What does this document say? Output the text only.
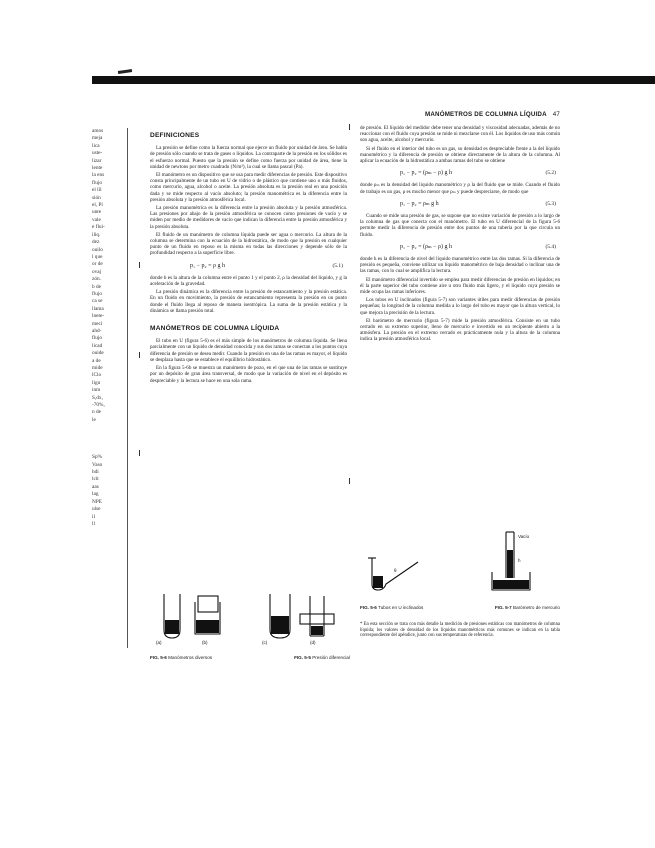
MANÓMETROS DE COLUMNA LÍQUIDA 47
amos
meja
lica
uste-
lizar
lente
la ens
flujo
el líl
sión
el, Pi
unte
vale
e flui-
iliq.
dez
ouilo
l que
or de
ovaj
zón.
b de
flujo
ca se
llama
lnete-
meci
ahd-
flujo
licad
ouide
a de
mide
lClo
ligu
inm
S,dx,
-70%,
n de
le
Sp%
Vaso
hdi
lcit
aas
lag
NPE
ulse
il
ll
DEFINICIONES

La presión se define como la fuerza normal que ejerce un fluido por unidad de área. Se habla de presión sólo cuando se trata de gases o líquidos. La contraparte de la presión en los sólidos es el esfuerzo normal. Puesto que la presión se define como fuerza por unidad de área, tiene la unidad de newtons por metro cuadrado (N/m²), la cual se llama pascal (Pa).

El manómetro es un dispositivo que se usa para medir diferencias de presión. Este dispositivo consta principalmente de un tubo en U de vidrio o de plástico que contiene uno o más fluidos, como mercurio, agua, alcohol o aceite. La presión absoluta es la presión real en una posición dada y se mide respecto al vacío absoluto; la presión manométrica es la diferencia entre la presión absoluta y la presión atmosférica local.

La presión manométrica es la diferencia entre la presión absoluta y la presión atmosférica. Las presiones por abajo de la presión atmosférica se conocen como presiones de vacío y se miden por medio de medidores de vacío que indican la diferencia entre la presión atmosférica y la presión absoluta.

El fluido de un manómetro de columna líquida puede ser agua o mercurio. La altura de la columna se determina con la ecuación de la hidrostática, de modo que la presión en cualquier punto de un fluido en reposo es la misma en todas las direcciones y depende sólo de la profundidad respecto a la superficie libre.

p₁ − p₂ = ρ g h	(5.1)

donde h es la altura de la columna entre el punto 1 y el punto 2, ρ la densidad del líquido, y g la aceleración de la gravedad.

La presión dinámica es la diferencia entre la presión de estancamiento y la presión estática. En un fluido en movimiento, la presión de estancamiento representa la presión en un punto donde el fluido llega al reposo de manera isentrópica. La suma de la presión estática y la dinámica se llama presión total.

MANÓMETROS DE COLUMNA LÍQUIDA

El tubo en U (figura 5-6) es el más simple de los manómetros de columna líquida. Se llena parcialmente con un líquido de densidad conocida y sus dos ramas se conectan a los puntos cuya diferencia de presión se desea medir. Cuando la presión en una de las ramas es mayor, el líquido se desplaza hasta que se establece el equilibrio hidrostático.

En la figura 5-6b se muestra un manómetro de pozo, en el que una de las ramas se sustituye por un depósito de gran área transversal, de modo que la variación de nivel en el depósito es despreciable y la lectura se hace en una sola rama.

(a)	(b)	(c)	(d)
FIG. 5-6 Manómetros diversos	FIG. 5-5 Presión diferencial

de presión. El líquido del medidor debe tener una densidad y viscosidad adecuadas, además de no reaccionar con el fluido cuya presión se mide ni mezclarse con él. Los líquidos de uso más común son agua, aceite, alcohol y mercurio.

Si el fluido en el interior del tubo es un gas, su densidad es despreciable frente a la del líquido manométrico y la diferencia de presión se obtiene directamente de la altura de la columna. Al aplicar la ecuación de la hidrostática a ambas ramas del tubo se obtiene

p₁ − p₂ = (ρₘ − ρ) g h	(5.2)

donde ρₘ es la densidad del líquido manométrico y ρ la del fluido que se mide. Cuando el fluido de trabajo es un gas, ρ es mucho menor que ρₘ y puede despreciarse, de modo que

p₁ − p₂ = ρₘ g h	(5.3)

Cuando se mide una presión de gas, se supone que no existe variación de presión a lo largo de la columna de gas que conecta con el manómetro. El tubo en U diferencial de la figura 5-6 permite medir la diferencia de presión entre dos puntos de una tubería por la que circula un fluido.

p₁ − p₂ = (ρₘ − ρ) g h	(5.4)

donde h es la diferencia de nivel del líquido manométrico entre las dos ramas. Si la diferencia de presión es pequeña, conviene utilizar un líquido manométrico de baja densidad o inclinar una de las ramas, con lo cual se amplifica la lectura.

El manómetro diferencial invertido se emplea para medir diferencias de presión en líquidos; en él la parte superior del tubo contiene aire u otro fluido más ligero, y el líquido cuya presión se mide ocupa las ramas inferiores.

Los tubos en U inclinados (figura 5-7) son variantes útiles para medir diferencias de presión pequeñas; la longitud de la columna medida a lo largo del tubo es mayor que la altura vertical, lo que mejora la precisión de la lectura.

El barómetro de mercurio (figura 5-7) mide la presión atmosférica. Consiste en un tubo cerrado en su extremo superior, lleno de mercurio e invertido en un recipiente abierto a la atmósfera. La presión en el extremo cerrado es prácticamente nula y la altura de la columna indica la presión atmosférica local.

θ
Vacío
h
FIG. 5-6 Tubos en U inclinados	FIG. 5-7 Barómetro de mercurio
* En esta sección se trata con más detalle la medición de presiones estáticas con manómetros de columna líquida; los valores de densidad de los líquidos manométricos más comunes se indican en la tabla correspondiente del apéndice, junto con sus temperaturas de referencia.
